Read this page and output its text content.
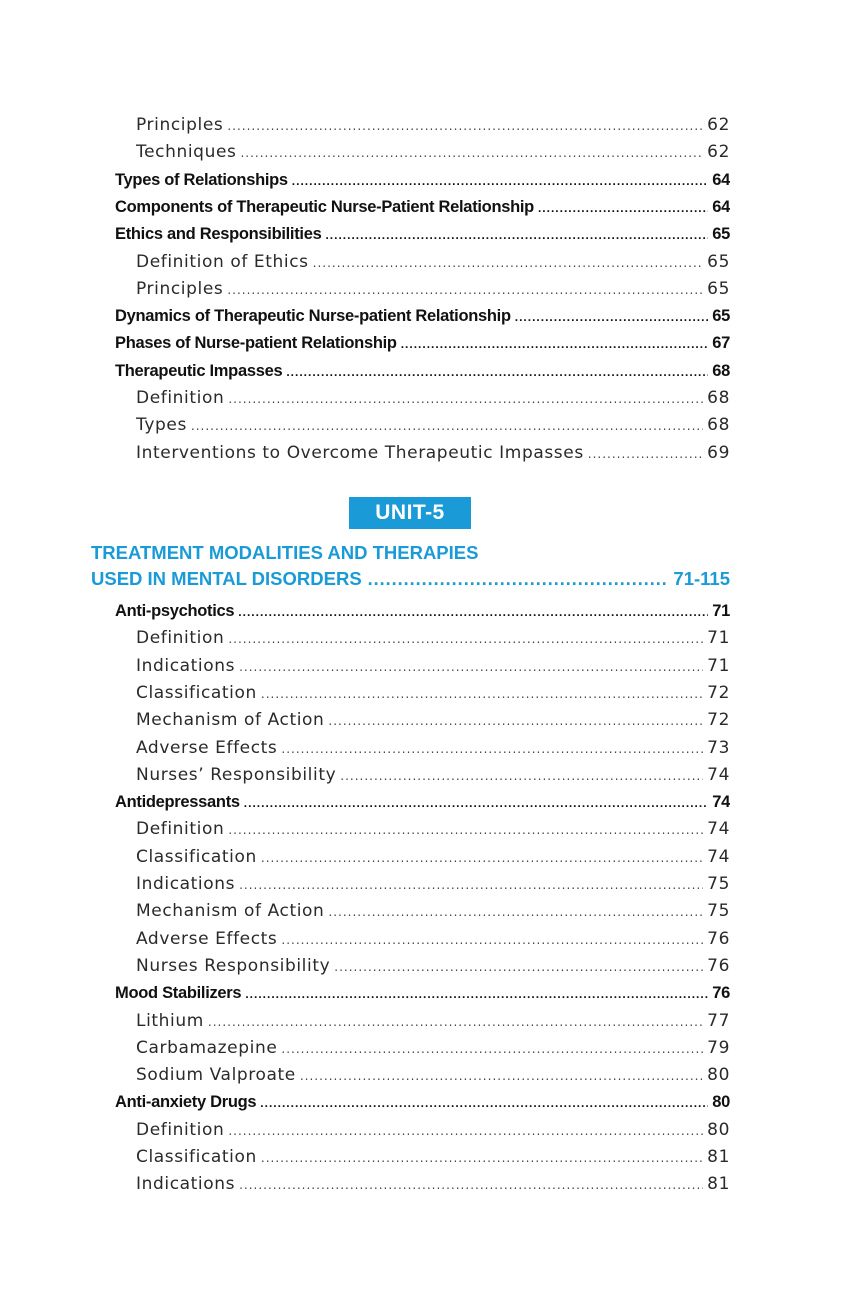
Principles .....	62
Techniques .....	62
Types of Relationships .....	64
Components of Therapeutic Nurse-Patient Relationship .....	64
Ethics and Responsibilities .....	65
Definition of Ethics .....	65
Principles .....	65
Dynamics of Therapeutic Nurse-patient Relationship .....	65
Phases of Nurse-patient Relationship .....	67
Therapeutic Impasses .....	68
Definition .....	68
Types .....	68
Interventions to Overcome Therapeutic Impasses .....	69
UNIT-5
TREATMENT MODALITIES AND THERAPIES
USED IN MENTAL DISORDERS .....	71-115
Anti-psychotics .....	71
Definition .....	71
Indications .....	71
Classification .....	72
Mechanism of Action .....	72
Adverse Effects .....	73
Nurses’ Responsibility .....	74
Antidepressants .....	74
Definition .....	74
Classification .....	74
Indications .....	75
Mechanism of Action .....	75
Adverse Effects .....	76
Nurses Responsibility .....	76
Mood Stabilizers .....	76
Lithium .....	77
Carbamazepine .....	79
Sodium Valproate .....	80
Anti-anxiety Drugs .....	80
Definition .....	80
Classification .....	81
Indications .....	81
